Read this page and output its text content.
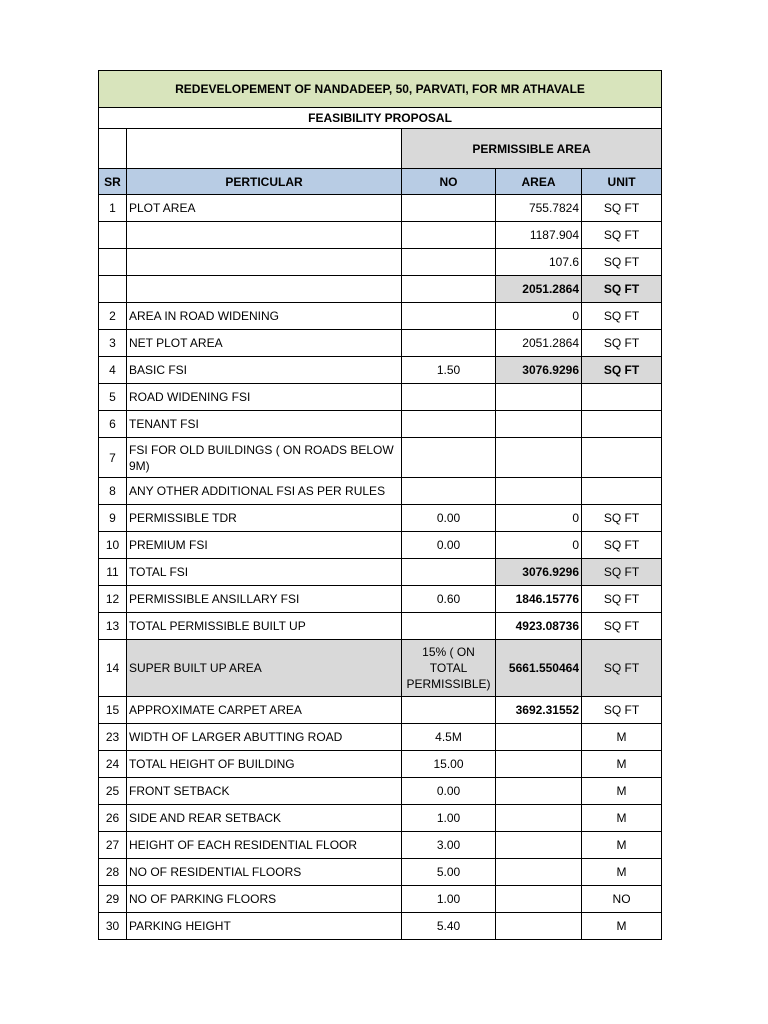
REDEVELOPEMENT OF NANDADEEP, 50, PARVATI, FOR MR ATHAVALE				
FEASIBILITY PROPOSAL				
		PERMISSIBLE AREA		
SR	PERTICULAR	NO	AREA	UNIT
1	PLOT AREA		755.7824	SQ FT
			1187.904	SQ FT
			107.6	SQ FT
			2051.2864	SQ FT
2	AREA IN ROAD WIDENING		0	SQ FT
3	NET PLOT AREA		2051.2864	SQ FT
4	BASIC FSI	1.50	3076.9296	SQ FT
5	ROAD WIDENING FSI			
6	TENANT FSI			
7	FSI FOR OLD BUILDINGS ( ON ROADS BELOW 9M)			
8	ANY OTHER ADDITIONAL FSI AS PER RULES			
9	PERMISSIBLE TDR	0.00	0	SQ FT
10	PREMIUM FSI	0.00	0	SQ FT
11	TOTAL FSI		3076.9296	SQ FT
12	PERMISSIBLE ANSILLARY FSI	0.60	1846.15776	SQ FT
13	TOTAL PERMISSIBLE BUILT UP		4923.08736	SQ FT
14	SUPER BUILT UP AREA	15% ( ON TOTAL PERMISSIBLE)	5661.550464	SQ FT
15	APPROXIMATE CARPET AREA		3692.31552	SQ FT
23	WIDTH OF LARGER ABUTTING ROAD	4.5M		M
24	TOTAL HEIGHT OF BUILDING	15.00		M
25	FRONT SETBACK	0.00		M
26	SIDE AND REAR SETBACK	1.00		M
27	HEIGHT OF EACH RESIDENTIAL FLOOR	3.00		M
28	NO OF RESIDENTIAL FLOORS	5.00		M
29	NO OF PARKING FLOORS	1.00		NO
30	PARKING HEIGHT	5.40		M
